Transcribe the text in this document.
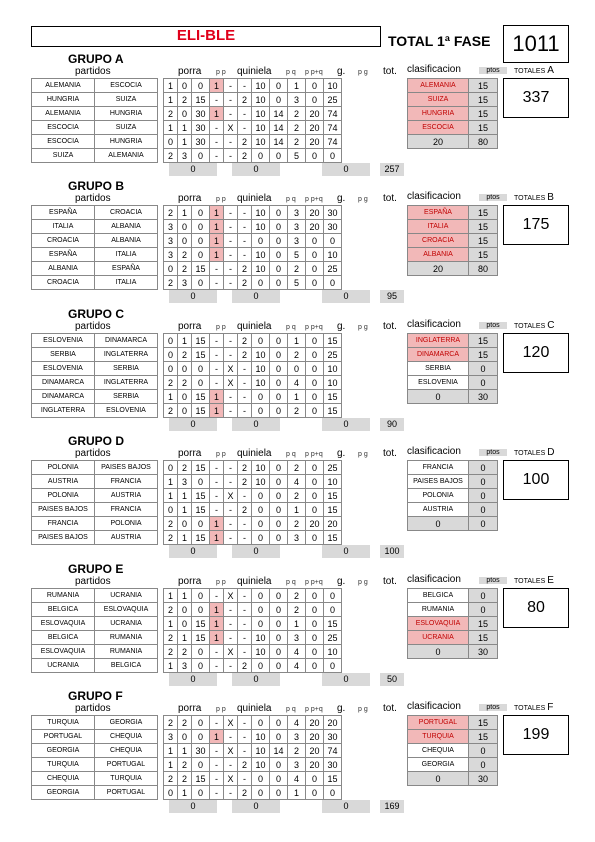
ELI-BLE	TOTAL 1ª FASE 1011
GRUPO A
partidos	porra p p quiniela p q p p+q g. p g tot.
ALEMANIA	ESCOCIA		1	0	0	1	-	-	10	0	1	0	10
HUNGRIA	SUIZA		1	2	15	-	-	2	10	0	3	0	25
ALEMANIA	HUNGRIA		2	0	30	1	-	-	10	14	2	20	74
ESCOCIA	SUIZA		1	1	30	-	X	-	10	14	2	20	74
ESCOCIA	HUNGRIA		0	1	30	-	-	2	10	14	2	20	74
SUIZA	ALEMANIA		2	3	0	-	-	2	0	0	5	0	0
0	0	0	257
clasificacion	ptos	TOTALES A
ALEMANIA	15
SUIZA	15
HUNGRIA	15
ESCOCIA	15
20	80
337
GRUPO B
partidos	porra p p quiniela p q p p+q g. p g tot.
ESPAÑA	CROACIA		2	1	0	1	-	-	10	0	3	20	30
ITALIA	ALBANIA		3	0	0	1	-	-	10	0	3	20	30
CROACIA	ALBANIA		3	0	0	1	-	-	0	0	3	0	0
ESPAÑA	ITALIA		3	2	0	1	-	-	10	0	5	0	10
ALBANIA	ESPAÑA		0	2	15	-	-	2	10	0	2	0	25
CROACIA	ITALIA		2	3	0	-	-	2	0	0	5	0	0
0	0	0	95
clasificacion	ptos	TOTALES B
ESPAÑA	15
ITALIA	15
CROACIA	15
ALBANIA	15
20	80
175
GRUPO C
partidos	porra p p quiniela p q p p+q g. p g tot.
ESLOVENIA	DINAMARCA		0	1	15	-	-	2	0	0	1	0	15
SERBIA	INGLATERRA		0	2	15	-	-	2	10	0	2	0	25
ESLOVENIA	SERBIA		0	0	0	-	X	-	10	0	0	0	10
DINAMARCA	INGLATERRA		2	2	0	-	X	-	10	0	4	0	10
DINAMARCA	SERBIA		1	0	15	1	-	-	0	0	1	0	15
INGLATERRA	ESLOVENIA		2	0	15	1	-	-	0	0	2	0	15
0	0	0	90
clasificacion	ptos	TOTALES C
INGLATERRA	15
DINAMARCA	15
SERBIA	0
ESLOVENIA	0
0	30
120
GRUPO D
partidos	porra p p quiniela p q p p+q g. p g tot.
POLONIA	PAISES BAJOS		0	2	15	-	-	2	10	0	2	0	25
AUSTRIA	FRANCIA		1	3	0	-	-	2	10	0	4	0	10
POLONIA	AUSTRIA		1	1	15	-	X	-	0	0	2	0	15
PAISES BAJOS	FRANCIA		0	1	15	-	-	2	0	0	1	0	15
FRANCIA	POLONIA		2	0	0	1	-	-	0	0	2	20	20
PAISES BAJOS	AUSTRIA		2	1	15	1	-	-	0	0	3	0	15
0	0	0	100
clasificacion	ptos	TOTALES D
FRANCIA	0
PAISES BAJOS	0
POLONIA	0
AUSTRIA	0
0	0
100
GRUPO E
partidos	porra p p quiniela p q p p+q g. p g tot.
RUMANIA	UCRANIA		1	1	0	-	X	-	0	0	2	0	0
BELGICA	ESLOVAQUIA		2	0	0	1	-	-	0	0	2	0	0
ESLOVAQUIA	UCRANIA		1	0	15	1	-	-	0	0	1	0	15
BELGICA	RUMANIA		2	1	15	1	-	-	10	0	3	0	25
ESLOVAQUIA	RUMANIA		2	2	0	-	X	-	10	0	4	0	10
UCRANIA	BELGICA		1	3	0	-	-	2	0	0	4	0	0
0	0	0	50
clasificacion	ptos	TOTALES E
BELGICA	0
RUMANIA	0
ESLOVAQUIA	15
UCRANIA	15
0	30
80
GRUPO F
partidos	porra p p quiniela p q p p+q g. p g tot.
TURQUIA	GEORGIA		2	2	0	-	X	-	0	0	4	20	20
PORTUGAL	CHEQUIA		3	0	0	1	-	-	10	0	3	20	30
GEORGIA	CHEQUIA		1	1	30	-	X	-	10	14	2	20	74
TURQUIA	PORTUGAL		1	2	0	-	-	2	10	0	3	20	30
CHEQUIA	TURQUIA		2	2	15	-	X	-	0	0	4	0	15
GEORGIA	PORTUGAL		0	1	0	-	-	2	0	0	1	0	0
0	0	0	169
clasificacion	ptos	TOTALES F
PORTUGAL	15
TURQUIA	15
CHEQUIA	0
GEORGIA	0
0	30
199
